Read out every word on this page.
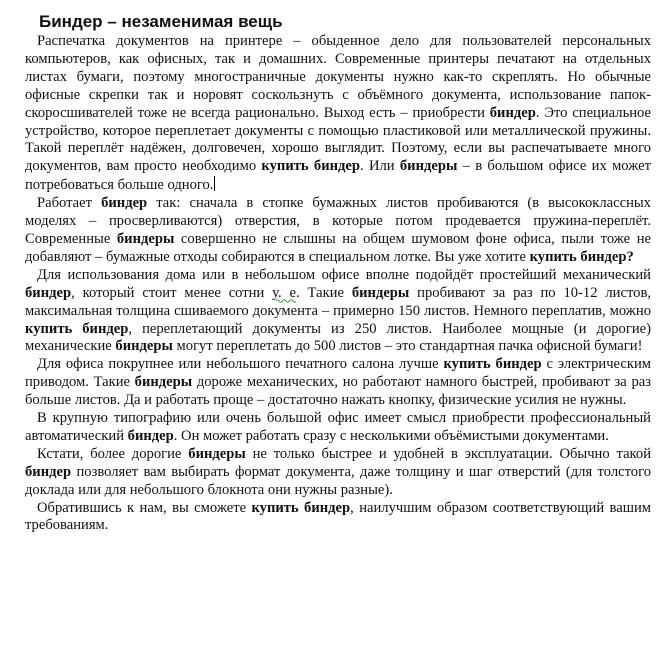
Биндер – незаменимая вещь

Распечатка документов на принтере – обыденное дело для пользователей персональных компьютеров, как офисных, так и домашних. Современные принтеры печатают на отдельных листах бумаги, поэтому многостраничные документы нужно как-то скреплять. Но обычные офисные скрепки так и норовят соскользнуть с объёмного документа, использование папок-скоросшивателей тоже не всегда рационально. Выход есть – приобрести биндер. Это специальное устройство, которое переплетает документы с помощью пластиковой или металлической пружины. Такой переплёт надёжен, долговечен, хорошо выглядит. Поэтому, если вы распечатываете много документов, вам просто необходимо купить биндер. Или биндеры – в большом офисе их может потребоваться больше одного.

Работает биндер так: сначала в стопке бумажных листов пробиваются (в высококлассных моделях – просверливаются) отверстия, в которые потом продевается пружина-переплёт. Современные биндеры совершенно не слышны на общем шумовом фоне офиса, пыли тоже не добавляют – бумажные отходы собираются в специальном лотке. Вы уже хотите купить биндер?

Для использования дома или в небольшом офисе вполне подойдёт простейший механический биндер, который стоит менее сотни у. е. Такие биндеры пробивают за раз по 10-12 листов, максимальная толщина сшиваемого документа – примерно 150 листов. Немного переплатив, можно купить биндер, переплетающий документы из 250 листов. Наиболее мощные (и дорогие) механические биндеры могут переплетать до 500 листов – это стандартная пачка офисной бумаги!

Для офиса покрупнее или небольшого печатного салона лучше купить биндер с электрическим приводом. Такие биндеры дороже механических, но работают намного быстрей, пробивают за раз больше листов. Да и работать проще – достаточно нажать кнопку, физические усилия не нужны.

В крупную типографию или очень большой офис имеет смысл приобрести профессиональный автоматический биндер. Он может работать сразу с несколькими объёмистыми документами.

Кстати, более дорогие биндеры не только быстрее и удобней в эксплуатации. Обычно такой биндер позволяет вам выбирать формат документа, даже толщину и шаг отверстий (для толстого доклада или для небольшого блокнота они нужны разные).

Обратившись к нам, вы сможете купить биндер, наилучшим образом соответствующий вашим требованиям.
